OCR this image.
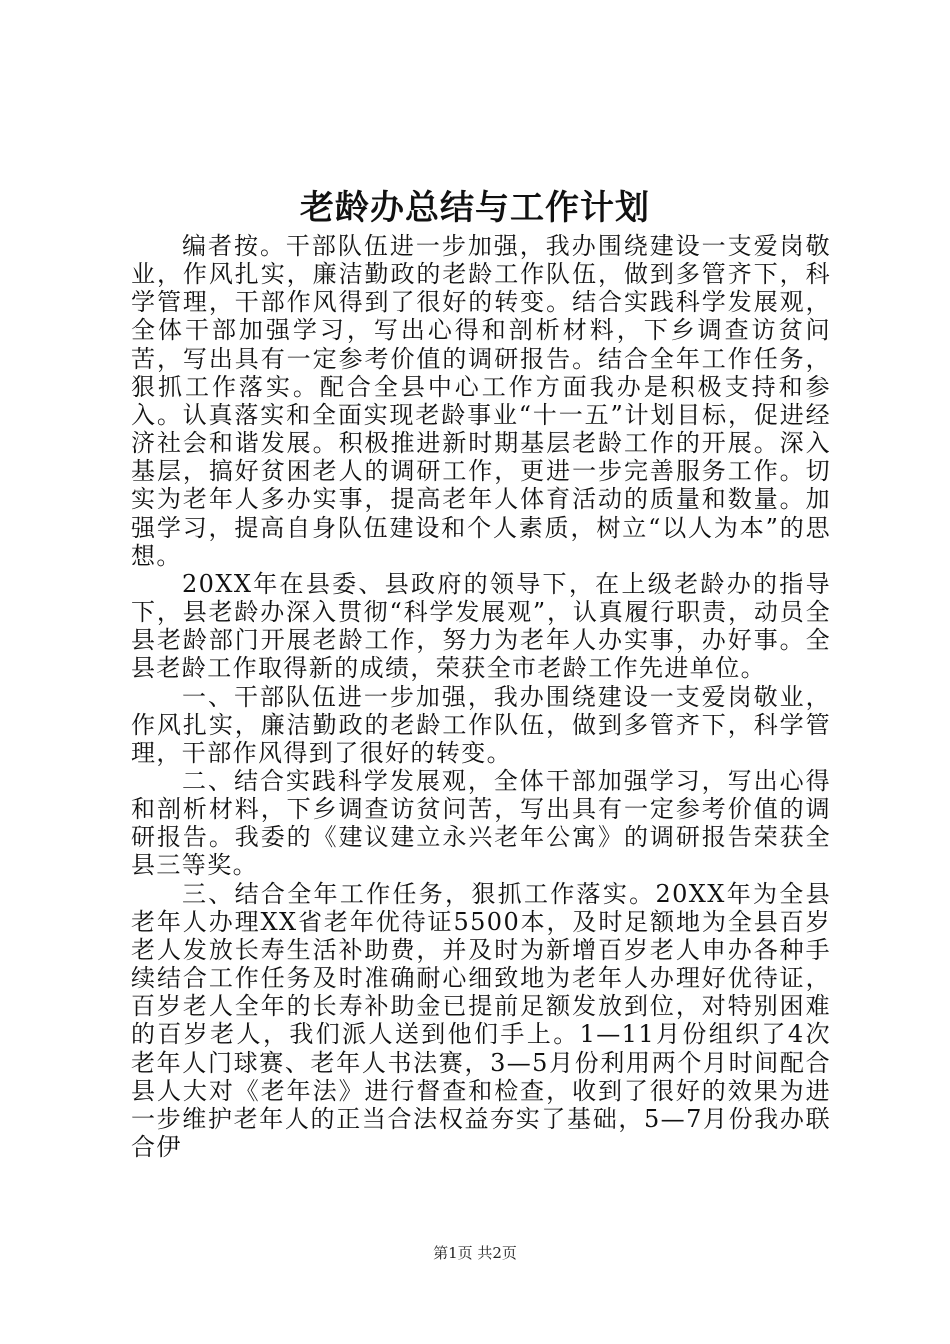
老龄办总结与工作计划

编者按。干部队伍进一步加强，我办围绕建设一支爱岗敬业，作风扎实，廉洁勤政的老龄工作队伍，做到多管齐下，科学管理，干部作风得到了很好的转变。结合实践科学发展观，全体干部加强学习，写出心得和剖析材料，下乡调查访贫问苦，写出具有一定参考价值的调研报告。结合全年工作任务，狠抓工作落实。配合全县中心工作方面我办是积极支持和参入。认真落实和全面实现老龄事业“十一五”计划目标，促进经济社会和谐发展。积极推进新时期基层老龄工作的开展。深入基层，搞好贫困老人的调研工作，更进一步完善服务工作。切实为老年人多办实事，提高老年人体育活动的质量和数量。加强学习，提高自身队伍建设和个人素质，树立“以人为本”的思想。

20XX年在县委、县政府的领导下，在上级老龄办的指导下，县老龄办深入贯彻“科学发展观”，认真履行职责，动员全县老龄部门开展老龄工作，努力为老年人办实事，办好事。全县老龄工作取得新的成绩，荣获全市老龄工作先进单位。

一、干部队伍进一步加强，我办围绕建设一支爱岗敬业，作风扎实，廉洁勤政的老龄工作队伍，做到多管齐下，科学管理，干部作风得到了很好的转变。

二、结合实践科学发展观，全体干部加强学习，写出心得和剖析材料，下乡调查访贫问苦，写出具有一定参考价值的调研报告。我委的《建议建立永兴老年公寓》的调研报告荣获全县三等奖。

三、结合全年工作任务，狠抓工作落实。20XX年为全县老年人办理XX省老年优待证5500本，及时足额地为全县百岁老人发放长寿生活补助费，并及时为新增百岁老人申办各种手续结合工作任务及时准确耐心细致地为老年人办理好优待证，百岁老人全年的长寿补助金已提前足额发放到位，对特别困难的百岁老人，我们派人送到他们手上。1—11月份组织了4次老年人门球赛、老年人书法赛，3—5月份利用两个月时间配合县人大对《老年法》进行督查和检查，收到了很好的效果为进一步维护老年人的正当合法权益夯实了基础，5—7月份我办联合伊

第1页 共2页
